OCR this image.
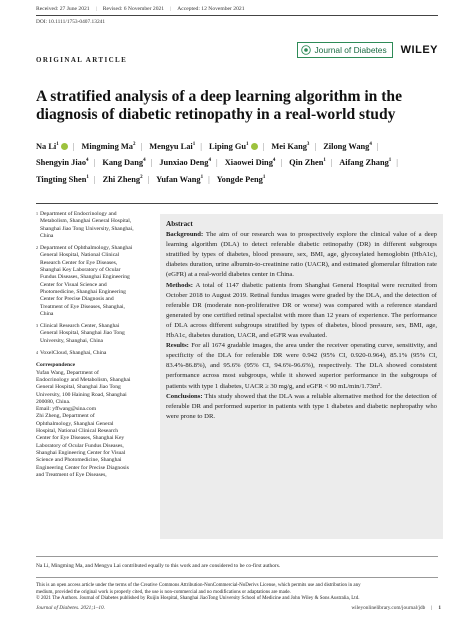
Received: 27 June 2021 | Revised: 6 November 2021 | Accepted: 12 November 2021
DOI: 10.1111/1753-0407.13241
ORIGINAL ARTICLE
Journal of Diabetes WILEY
A stratified analysis of a deep learning algorithm in the diagnosis of diabetic retinopathy in a real-world study
Na Li$^1$ | Mingming Ma$^2$ | Mengyu Lai$^1$ | Liping Gu$^1$ | Mei Kang$^3$ | Zilong Wang$^4$ | Shengyin Jiao$^4$ | Kang Dang$^4$ | Junxiao Deng$^4$ | Xiaowei Ding$^4$ | Qin Zhen$^1$ | Aifang Zhang$^1$ | Tingting Shen$^1$ | Zhi Zheng$^2$ | Yufan Wang$^1$ | Yongde Peng$^1$
1 Department of Endocrinology and
Metabolism, Shanghai General Hospital,
Shanghai Jiao Tong University, Shanghai,
China
2 Department of Ophthalmology, Shanghai
General Hospital, National Clinical
Research Center for Eye Diseases,
Shanghai Key Laboratory of Ocular
Fundus Diseases, Shanghai Engineering
Center for Visual Science and
Photomedicine, Shanghai Engineering
Center for Precise Diagnosis and
Treatment of Eye Diseases, Shanghai,
China
3 Clinical Research Center, Shanghai
General Hospital, Shanghai Jiao Tong
University, Shanghai, China
4 VoxelCloud, Shanghai, China
Correspondence
Yufan Wang, Department of
Endocrinology and Metabolism, Shanghai
General Hospital, Shanghai Jiao Tong
University, 100 Haining Road, Shanghai
200080, China.
Email: yffwang@sina.com
Zhi Zheng, Department of
Ophthalmology, Shanghai General
Hospital, National Clinical Research
Center for Eye Diseases, Shanghai Key
Laboratory of Ocular Fundus Diseases,
Shanghai Engineering Center for Visual
Science and Photomedicine, Shanghai
Engineering Center for Precise Diagnosis
and Treatment of Eye Diseases,
Abstract

Background: The aim of our research was to prospectively explore the clinical value of a deep learning algorithm (DLA) to detect referable diabetic retinopathy (DR) in different subgroups stratified by types of diabetes, blood pressure, sex, BMI, age, glycosylated hemoglobin (HbA1c), diabetes duration, urine albumin-to-creatinine ratio (UACR), and estimated glomerular filtration rate (eGFR) at a real-world diabetes center in China.

Methods: A total of 1147 diabetic patients from Shanghai General Hospital were recruited from October 2018 to August 2019. Retinal fundus images were graded by the DLA, and the detection of referable DR (moderate non-proliferative DR or worse) was compared with a reference standard generated by one certified retinal specialist with more than 12 years of experience. The performance of DLA across different subgroups stratified by types of diabetes, blood pressure, sex, BMI, age, HbA1c, diabetes duration, UACR, and eGFR was evaluated.

Results: For all 1674 gradable images, the area under the receiver operating curve, sensitivity, and specificity of the DLA for referable DR were 0.942 (95% CI, 0.920-0.964), 85.1% (95% CI, 83.4%-86.8%), and 95.6% (95% CI, 94.6%-96.6%), respectively. The DLA showed consistent performance across most subgroups, while it showed superior performance in the subgroups of patients with type 1 diabetes, UACR ≥ 30 mg/g, and eGFR < 90 mL/min/1.73m².

Conclusions: This study showed that the DLA was a reliable alternative method for the detection of referable DR and performed superior in patients with type 1 diabetes and diabetic nephropathy who were prone to DR.

Na Li, Mingming Ma, and Mengyu Lai contributed equally to this work and are considered to be co-first authors.
This is an open access article under the terms of the Creative Commons Attribution-NonCommercial-NoDerivs License, which permits use and distribution in any
medium, provided the original work is properly cited, the use is non-commercial and no modifications or adaptations are made.
© 2021 The Authors. Journal of Diabetes published by Ruijin Hospital, Shanghai JiaoTong University School of Medicine and John Wiley & Sons Australia, Ltd.
Journal of Diabetes. 2021;1–10.	wileyonlinelibrary.com/journal/jdb | 1
